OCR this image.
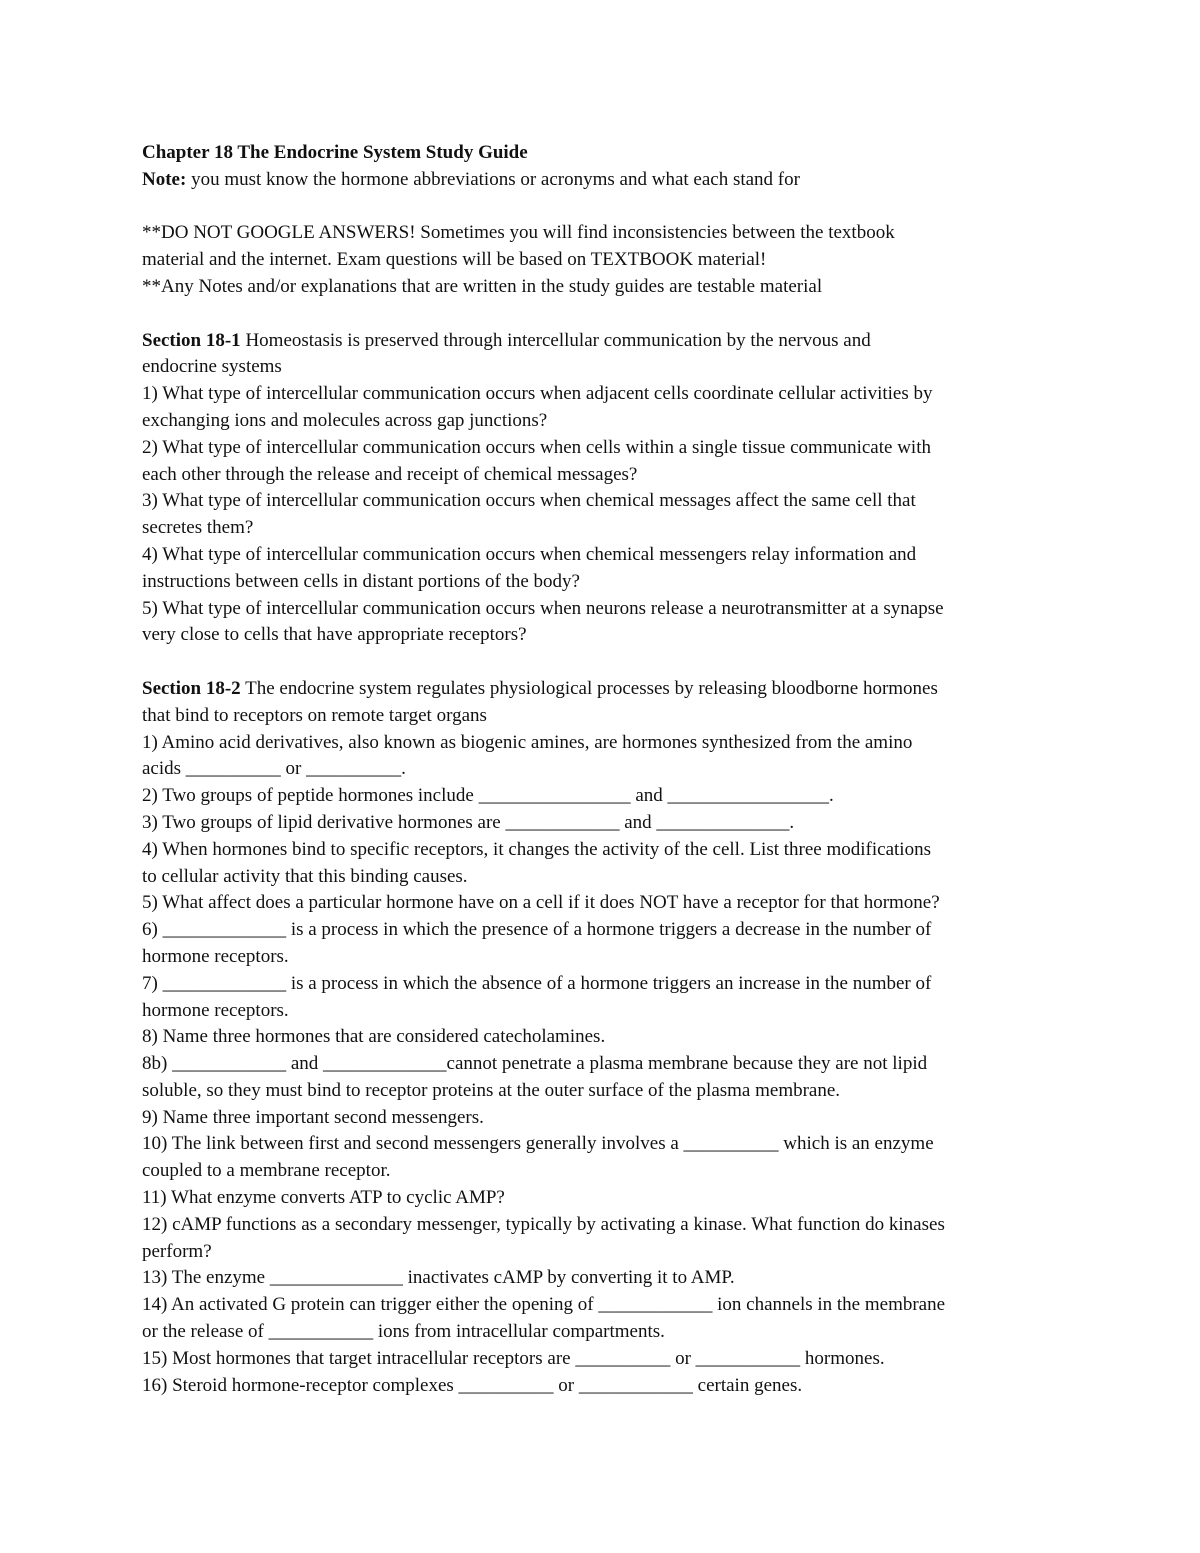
Chapter 18 The Endocrine System Study Guide
Note: you must know the hormone abbreviations or acronyms and what each stand for
**DO NOT GOOGLE ANSWERS! Sometimes you will find inconsistencies between the textbook
material and the internet. Exam questions will be based on TEXTBOOK material!
**Any Notes and/or explanations that are written in the study guides are testable material
Section 18-1 Homeostasis is preserved through intercellular communication by the nervous and
endocrine systems
1) What type of intercellular communication occurs when adjacent cells coordinate cellular activities by
exchanging ions and molecules across gap junctions?
2) What type of intercellular communication occurs when cells within a single tissue communicate with
each other through the release and receipt of chemical messages?
3) What type of intercellular communication occurs when chemical messages affect the same cell that
secretes them?
4) What type of intercellular communication occurs when chemical messengers relay information and
instructions between cells in distant portions of the body?
5) What type of intercellular communication occurs when neurons release a neurotransmitter at a synapse
very close to cells that have appropriate receptors?
Section 18-2 The endocrine system regulates physiological processes by releasing bloodborne hormones
that bind to receptors on remote target organs
1) Amino acid derivatives, also known as biogenic amines, are hormones synthesized from the amino
acids __________ or __________.
2) Two groups of peptide hormones include ________________ and _________________.
3) Two groups of lipid derivative hormones are ____________ and ______________.
4) When hormones bind to specific receptors, it changes the activity of the cell. List three modifications
to cellular activity that this binding causes.
5) What affect does a particular hormone have on a cell if it does NOT have a receptor for that hormone?
6) _____________ is a process in which the presence of a hormone triggers a decrease in the number of
hormone receptors.
7) _____________ is a process in which the absence of a hormone triggers an increase in the number of
hormone receptors.
8) Name three hormones that are considered catecholamines.
8b) ____________ and _____________cannot penetrate a plasma membrane because they are not lipid
soluble, so they must bind to receptor proteins at the outer surface of the plasma membrane.
9) Name three important second messengers.
10) The link between first and second messengers generally involves a __________ which is an enzyme
coupled to a membrane receptor.
11) What enzyme converts ATP to cyclic AMP?
12) cAMP functions as a secondary messenger, typically by activating a kinase. What function do kinases
perform?
13) The enzyme ______________ inactivates cAMP by converting it to AMP.
14) An activated G protein can trigger either the opening of ____________ ion channels in the membrane
or the release of ___________ ions from intracellular compartments.
15) Most hormones that target intracellular receptors are __________ or ___________ hormones.
16) Steroid hormone-receptor complexes __________ or ____________ certain genes.
